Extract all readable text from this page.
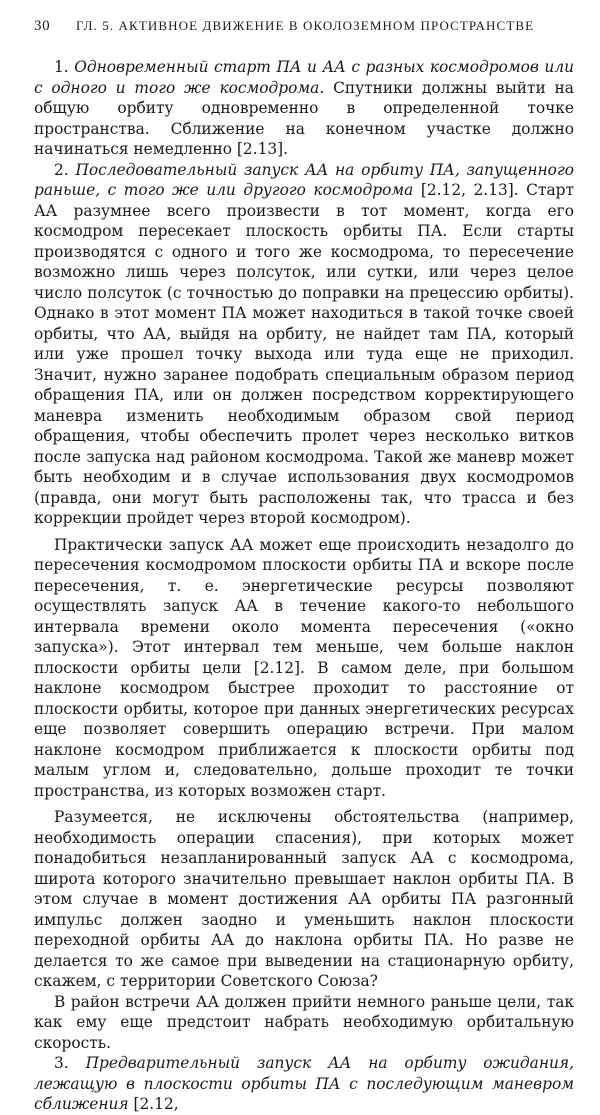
30	ГЛ. 5. АКТИВНОЕ ДВИЖЕНИЕ В ОКОЛОЗЕМНОМ ПРОСТРАНСТВЕ

1. Одновременный старт ПА и АА с разных космодромов или с одного и того же космодрома. Спутники должны выйти на общую орбиту одновременно в определенной точке пространства. Сближение на конечном участке должно начинаться немедленно [2.13].

2. Последовательный запуск АА на орбиту ПА, запущенного раньше, с того же или другого космодрома [2.12, 2.13]. Старт АА разумнее всего произвести в тот момент, когда его космодром пересекает плоскость орбиты ПА. Если старты производятся с одного и того же космодрома, то пересечение возможно лишь через полсуток, или сутки, или через целое число полсуток (с точностью до поправки на прецессию орбиты). Однако в этот момент ПА может находиться в такой точке своей орбиты, что АА, выйдя на орбиту, не найдет там ПА, который или уже прошел точку выхода или туда еще не приходил. Значит, нужно заранее подобрать специальным образом период обращения ПА, или он должен посредством корректирующего маневра изменить необходимым образом свой период обращения, чтобы обеспечить пролет через несколько витков после запуска над районом космодрома. Такой же маневр может быть необходим и в случае использования двух космодромов (правда, они могут быть расположены так, что трасса и без коррекции пройдет через второй космодром).

Практически запуск АА может еще происходить незадолго до пересечения космодромом плоскости орбиты ПА и вскоре после пересечения, т. е. энергетические ресурсы позволяют осуществлять запуск АА в течение какого-то небольшого интервала времени около момента пересечения («окно запуска»). Этот интервал тем меньше, чем больше наклон плоскости орбиты цели [2.12]. В самом деле, при большом наклоне космодром быстрее проходит то расстояние от плоскости орбиты, которое при данных энергетических ресурсах еще позволяет совершить операцию встречи. При малом наклоне космодром приближается к плоскости орбиты под малым углом и, следовательно, дольше проходит те точки пространства, из которых возможен старт.

Разумеется, не исключены обстоятельства (например, необходимость операции спасения), при которых может понадобиться незапланированный запуск АА с космодрома, широта которого значительно превышает наклон орбиты ПА. В этом случае в момент достижения АА орбиты ПА разгонный импульс должен заодно и уменьшить наклон плоскости переходной орбиты АА до наклона орбиты ПА. Но разве не делается то же самое при выведении на стационарную орбиту, скажем, с территории Советского Союза?

В район встречи АА должен прийти немного раньше цели, так как ему еще предстоит набрать необходимую орбитальную скорость.

3. Предварительный запуск АА на орбиту ожидания, лежащую в плоскости орбиты ПА с последующим маневром сближения [2.12,
